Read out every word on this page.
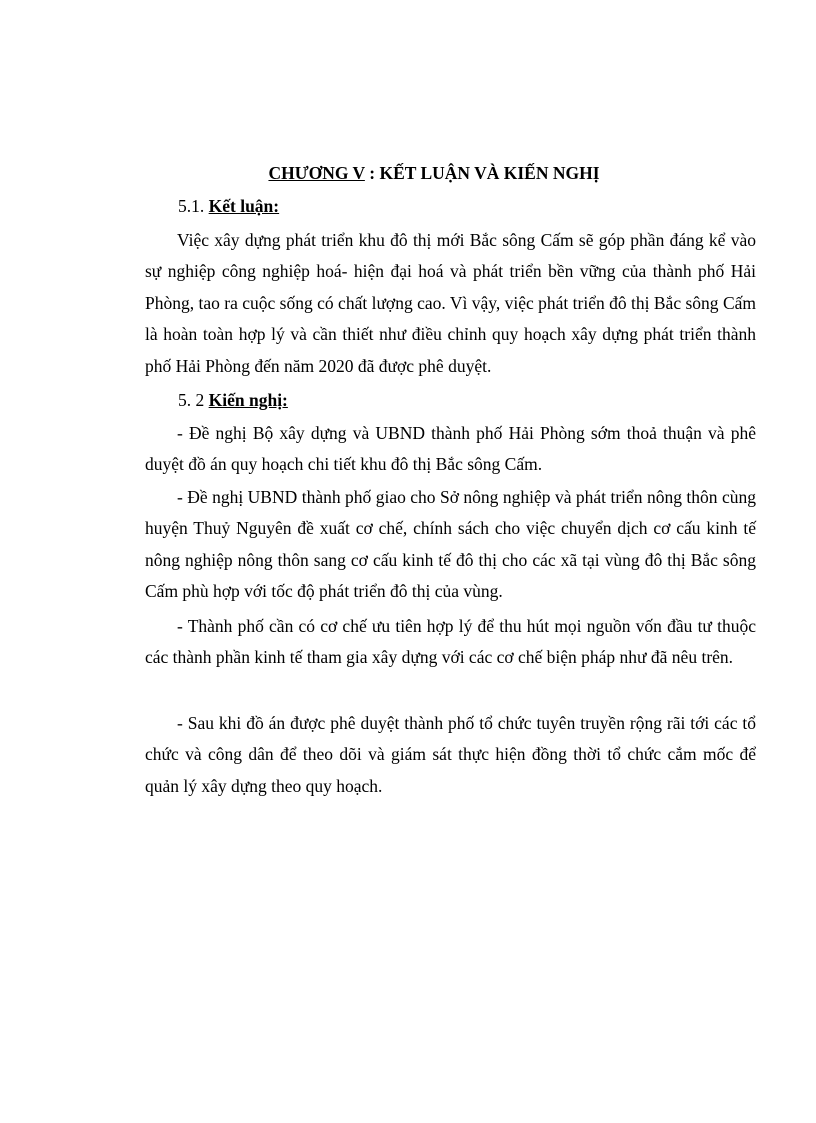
CHƯƠNG V : KẾT LUẬN VÀ KIẾN NGHỊ
5.1. Kết luận:
Việc xây dựng phát triển khu đô thị mới Bắc sông Cấm sẽ góp phần đáng kể vào sự nghiệp công nghiệp hoá- hiện đại hoá và phát triển bền vững của thành phố Hải Phòng, tao ra cuộc sống có chất lượng cao. Vì vậy, việc phát triển đô thị Bắc sông Cấm là hoàn toàn hợp lý và cần thiết như điều chỉnh quy hoạch xây dựng phát triển thành phố Hải Phòng đến năm 2020 đã được phê duyệt.
5. 2 Kiến nghị:
- Đề nghị Bộ xây dựng và UBND thành phố Hải Phòng sớm thoả thuận và phê duyệt đồ án quy hoạch chi tiết khu đô thị Bắc sông Cấm.
- Đề nghị UBND thành phố giao cho Sở nông nghiệp và phát triển nông thôn cùng huyện Thuỷ Nguyên đề xuất cơ chế, chính sách cho việc chuyển dịch cơ cấu kinh tế nông nghiệp nông thôn sang cơ cấu kinh tế đô thị cho các xã tại vùng đô thị Bắc sông Cấm phù hợp với tốc độ phát triển đô thị của vùng.
- Thành phố cần có cơ chế ưu tiên hợp lý để thu hút mọi nguồn vốn đầu tư thuộc các thành phần kinh tế tham gia xây dựng với các cơ chế biện pháp như đã nêu trên.
- Sau khi đồ án được phê duyệt thành phố tổ chức tuyên truyền rộng rãi tới các tổ chức và công dân để theo dõi và giám sát thực hiện đồng thời tổ chức cắm mốc để quản lý xây dựng theo quy hoạch.
